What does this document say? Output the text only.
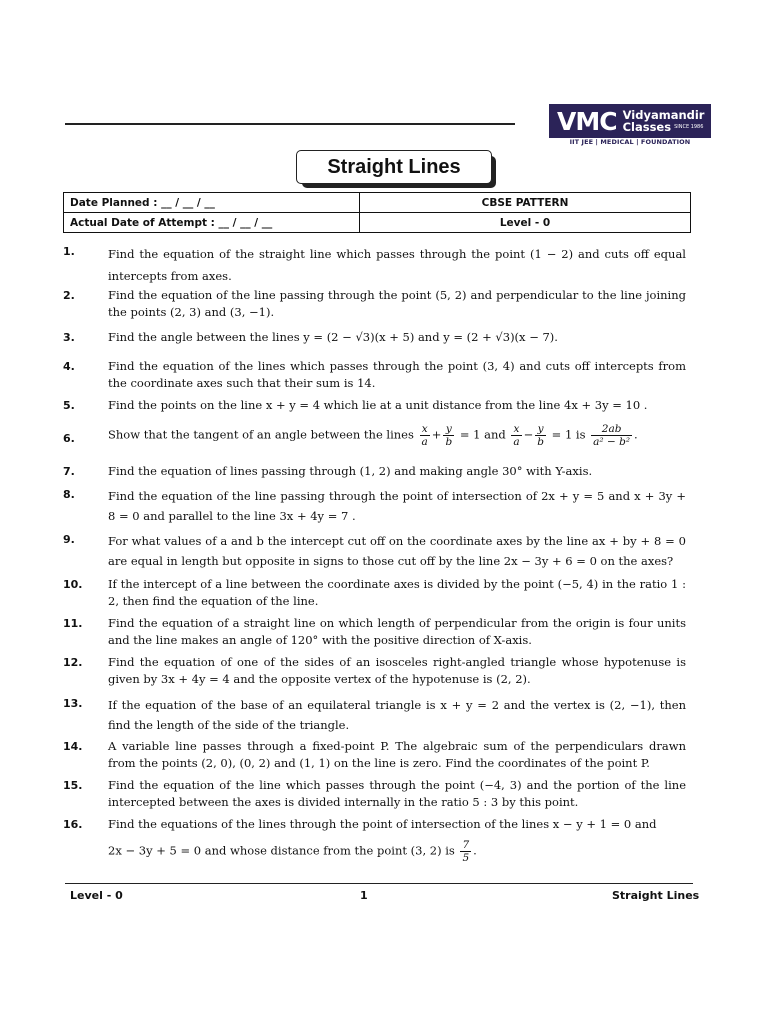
VMC Vidyamandir
Classes SINCE 1986
IIT JEE | MEDICAL | FOUNDATION
Straight Lines
Date Planned : __ / __ / __	CBSE PATTERN
Actual Date of Attempt : __ / __ / __	Level - 0
1.	Find the equation of the straight line which passes through the point (1 − 2) and cuts off equal intercepts from axes.
2.	Find the equation of the line passing through the point (5, 2) and perpendicular to the line joining the points (2, 3) and (3, −1).
3.	Find the angle between the lines y = (2 − √3)(x + 5) and y = (2 + √3)(x − 7).
4.	Find the equation of the lines which passes through the point (3, 4) and cuts off intercepts from the coordinate axes such that their sum is 14.
5.	Find the points on the line x + y = 4 which lie at a unit distance from the line 4x + 3y = 10 .
6.	Show that the tangent of an angle between the lines $\frac{x}{a} + \frac{y}{b} = 1$ and $\frac{x}{a} - \frac{y}{b} = 1$ is $\frac{2ab}{\text{a² − b²}}$ .
7.	Find the equation of lines passing through (1, 2) and making angle 30° with Y-axis.
8.	Find the equation of the line passing through the point of intersection of 2x + y = 5 and x + 3y + 8 = 0 and parallel to the line 3x + 4y = 7 .
9.	For what values of a and b the intercept cut off on the coordinate axes by the line ax + by + 8 = 0 are equal in length but opposite in signs to those cut off by the line 2x − 3y + 6 = 0 on the axes?
10. If the intercept of a line between the coordinate axes is divided by the point (−5, 4) in the ratio 1 : 2, then find the equation of the line.
11. Find the equation of a straight line on which length of perpendicular from the origin is four units and the line makes an angle of 120° with the positive direction of X-axis.
12. Find the equation of one of the sides of an isosceles right-angled triangle whose hypotenuse is given by 3x + 4y = 4 and the opposite vertex of the hypotenuse is (2, 2).
13. If the equation of the base of an equilateral triangle is x + y = 2 and the vertex is (2, −1), then find the length of the side of the triangle.
14. A variable line passes through a fixed-point P. The algebraic sum of the perpendiculars drawn from the points (2, 0), (0, 2) and (1, 1) on the line is zero. Find the coordinates of the point P.
15. Find the equation of the line which passes through the point (−4, 3) and the portion of the line intercepted between the axes is divided internally in the ratio 5 : 3 by this point.
16. Find the equations of the lines through the point of intersection of the lines x − y + 1 = 0 and
2x − 3y + 5 = 0 and whose distance from the point (3, 2) is $\frac{7}{5}$ .
Level - 0	1	Straight Lines
